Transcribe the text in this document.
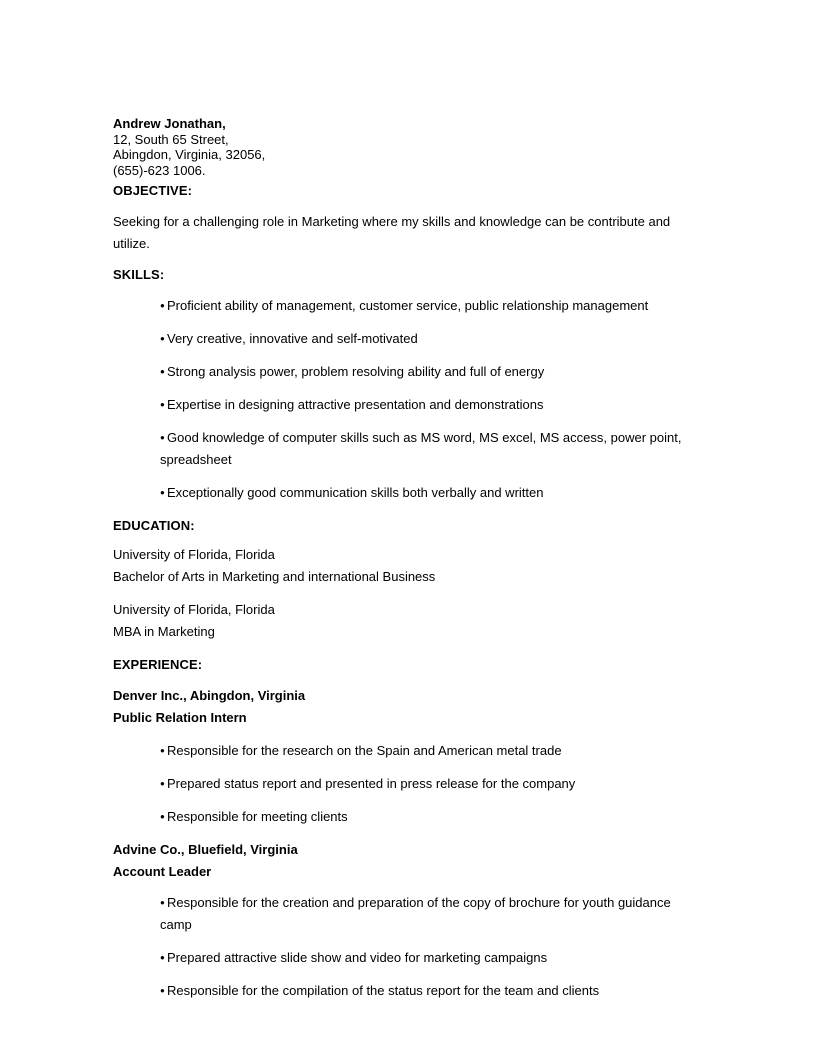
Andrew Jonathan,
12, South 65 Street,
Abingdon, Virginia, 32056,
(655)-623 1006.
OBJECTIVE:
Seeking for a challenging role in Marketing where my skills and knowledge can be contribute and utilize.
SKILLS:
● Proficient ability of management, customer service, public relationship management
● Very creative, innovative and self-motivated
● Strong analysis power, problem resolving ability and full of energy
● Expertise in designing attractive presentation and demonstrations
● Good knowledge of computer skills such as MS word, MS excel, MS access, power point, spreadsheet
● Exceptionally good communication skills both verbally and written
EDUCATION:
University of Florida, Florida
Bachelor of Arts in Marketing and international Business
University of Florida, Florida
MBA in Marketing
EXPERIENCE:
Denver Inc., Abingdon, Virginia
Public Relation Intern
● Responsible for the research on the Spain and American metal trade
● Prepared status report and presented in press release for the company
● Responsible for meeting clients
Advine Co., Bluefield, Virginia
Account Leader
● Responsible for the creation and preparation of the copy of brochure for youth guidance camp
● Prepared attractive slide show and video for marketing campaigns
● Responsible for the compilation of the status report for the team and clients
